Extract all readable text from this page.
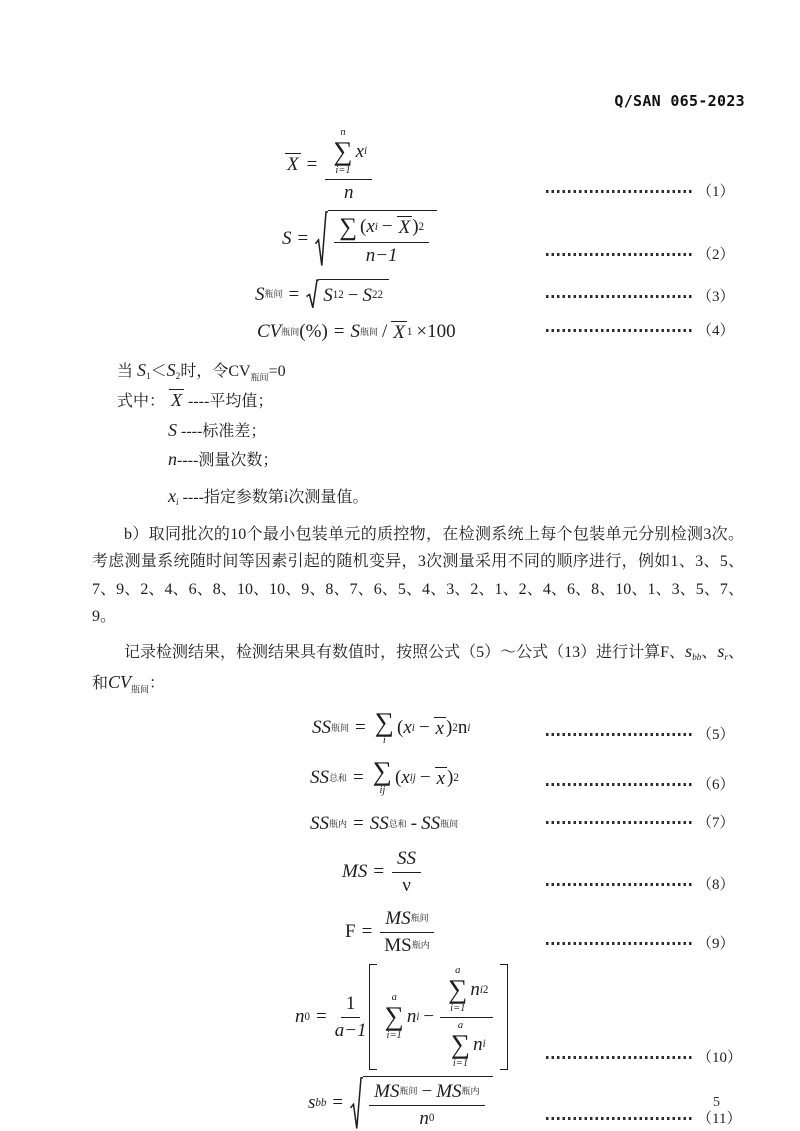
Q/SAN 065-2023
X = n
∑
i=1
x i
n	（1）
$S = \frac{\text{∑ ( x i − X ) 2}}{n-1}$	（2）
S 瓶间 = S 1 2 − S 2 2	（3）
CV 瓶间 (%) = S 瓶间 / X 1 ×100	（4）
当 $S_1<S_2$时，令$CV_{瓶间}=0$
式中： X ----平均值；
S ----标准差；
n----测量次数；
$x_i$ ----指定参数第i次测量值。

b）取同批次的10个最小包装单元的质控物，在检测系统上每个包装单元分别检测3次。考虑测量系统随时间等因素引起的随机变异，3次测量采用不同的顺序进行，例如1、3、5、7、9、2、4、6、8、10、10、9、8、7、6、5、4、3、2、1、2、4、6、8、10、1、3、5、7、9。

记录检测结果，检测结果具有数值时，按照公式（5）～公式（13）进行计算F、$s_{bb}$、$s_r$、和$CV_{瓶间}$：

SS 瓶间 = ∑
i
( x i − x ) 2 n i	（5）
SS 总和 = ∑
ij
( x ij − x ) 2	（6）
SS 瓶内 = SS 总和 - SS 瓶间	（7）
MS = $\frac{SS}{\nu}$	（8）
$F = \frac{\text{MS 瓶间}}{\text{MS 瓶内}}$	（9）
n $0 = \frac{1}{a-1}$ a
∑
i=1
n i − a
∑
i=1
n i 2
a
∑
i=1
n i	（10）
s bb = $\frac{\text{MS 瓶间 − MS 瓶内}}{n 0}$	（11）
5
